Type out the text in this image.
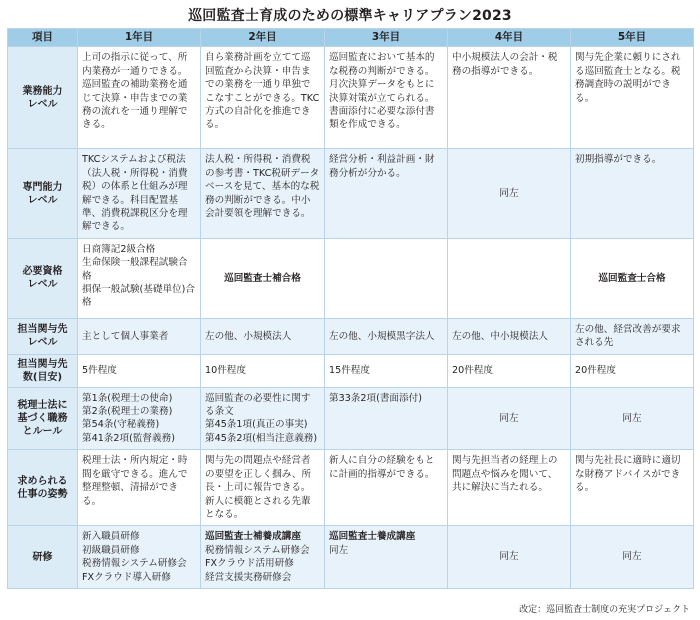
巡回監査士育成のための標準キャリアプラン2023
項目	1年目	2年目	3年目	4年目	5年目

業務能力
レベル	上司の指示に従って、所内業務が一通りできる。巡回監査の補助業務を通じて決算・申告までの業務の流れを一通り理解できる。	自ら業務計画を立てて巡回監査から決算・申告までの業務を一通り単独でこなすことができる。TKC方式の自計化を推進できる。	巡回監査において基本的な税務の判断ができる。月次決算データをもとに決算対策が立てられる。書面添付に必要な添付書類を作成できる。	中小規模法人の会計・税務の指導ができる。	関与先企業に頼りにされる巡回監査士となる。税務調査時の説明ができる。

専門能力
レベル	TKCシステムおよび税法（法人税・所得税・消費税）の体系と仕組みが理解できる。科目配置基準、消費税課税区分を理解できる。	法人税・所得税・消費税の参考書・TKC税研データベースを見て、基本的な税務の判断ができる。中小会計要領を理解できる。	経営分析・利益計画・財務分析が分かる。	同左	初期指導ができる。

必要資格
レベル	日商簿記2級合格
生命保険一般課程試験合格
損保一般試験(基礎単位)合格	巡回監査士補合格			巡回監査士合格

担当関与先
レベル	主として個人事業者	左の他、小規模法人	左の他、小規模黒字法人	左の他、中小規模法人	左の他、経営改善が要求される先

担当関与先
数(目安)	5件程度	10件程度	15件程度	20件程度	20件程度

税理士法に
基づく職務
とルール	第1条(税理士の使命)
第2条(税理士の業務)
第54条(守秘義務)
第41条2項(監督義務)	巡回監査の必要性に関する条文
第45条1項(真正の事実)
第45条2項(相当注意義務)	第33条2項(書面添付)	同左	同左

求められる
仕事の姿勢	税理士法・所内規定・時間を厳守できる。進んで整理整頓、清掃ができる。	関与先の問題点や経営者の要望を正しく掴み、所長・上司に報告できる。新人に模範とされる先輩となる。	新人に自分の経験をもとに計画的指導ができる。	関与先担当者の経理上の問題点や悩みを聞いて、共に解決に当たれる。	関与先社長に適時に適切な財務アドバイスができる。

研修	新入職員研修
初級職員研修
税務情報システム研修会
FXクラウド導入研修	巡回監査士補養成講座
税務情報システム研修会
FXクラウド活用研修
経営支援実務研修会	巡回監査士養成講座
同左	同左	同左
改定：巡回監査士制度の充実プロジェクト
